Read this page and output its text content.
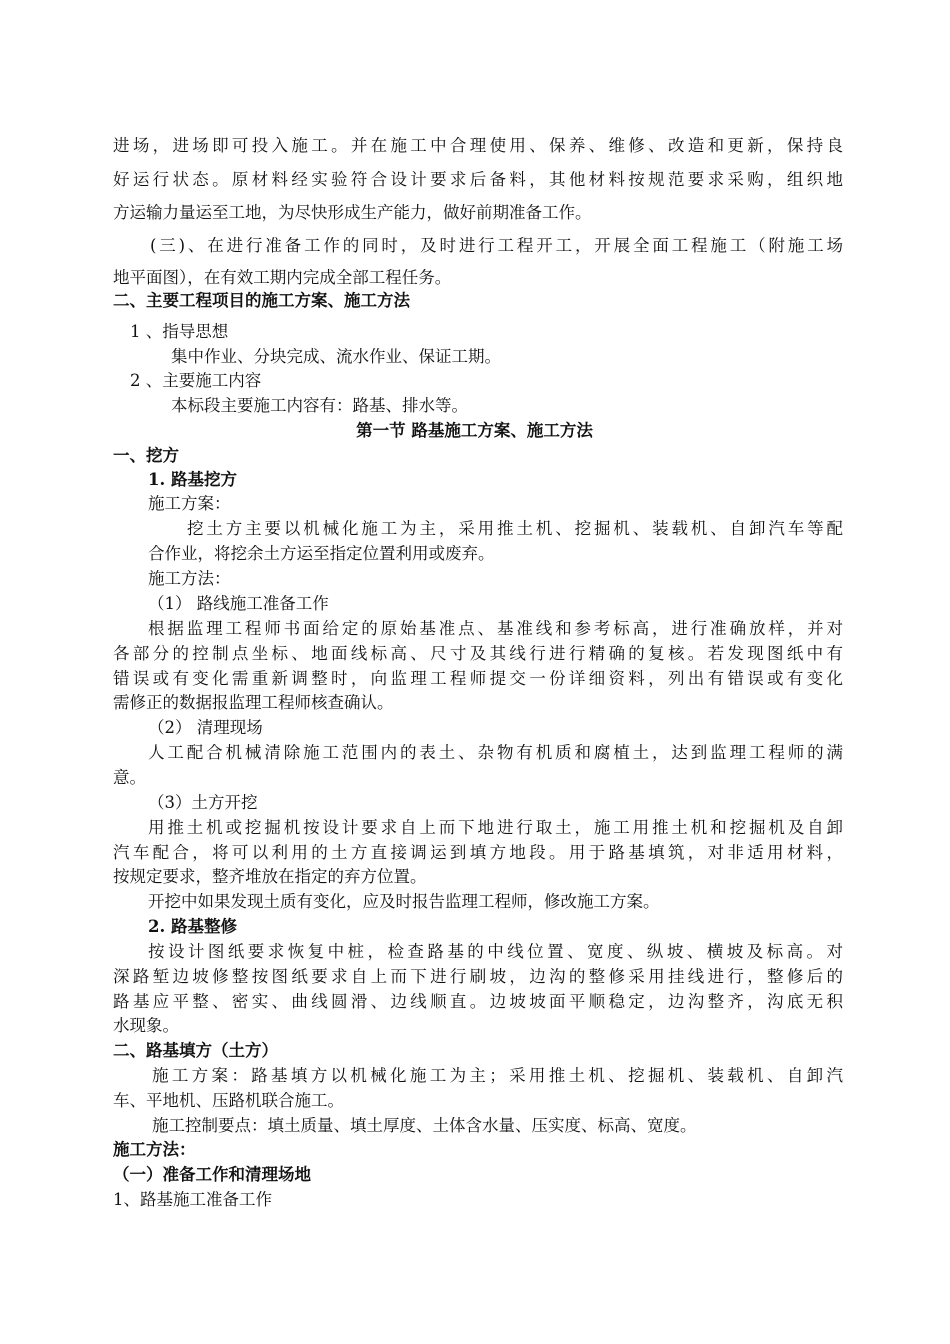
进场，进场即可投入施工。并在施工中合理使用、保养、维修、改造和更新，保持良
好运行状态。原材料经实验符合设计要求后备料，其他材料按规范要求采购，组织地
方运输力量运至工地，为尽快形成生产能力，做好前期准备工作。
(三)、在进行准备工作的同时，及时进行工程开工，开展全面工程施工（附施工场
地平面图），在有效工期内完成全部工程任务。
二、主要工程项目的施工方案、施工方法
1 、指导思想
集中作业、分块完成、流水作业、保证工期。
2 、主要施工内容
本标段主要施工内容有：路基、排水等。
第一节 路基施工方案、施工方法
一、挖方
1. 路基挖方
施工方案：
挖土方主要以机械化施工为主，采用推土机、挖掘机、装载机、自卸汽车等配
合作业，将挖余土方运至指定位置利用或废弃。
施工方法：
（1） 路线施工准备工作
根据监理工程师书面给定的原始基准点、基准线和参考标高，进行准确放样，并对
各部分的控制点坐标、地面线标高、尺寸及其线行进行精确的复核。若发现图纸中有
错误或有变化需重新调整时，向监理工程师提交一份详细资料，列出有错误或有变化
需修正的数据报监理工程师核查确认。
（2） 清理现场
人工配合机械清除施工范围内的表土、杂物有机质和腐植土，达到监理工程师的满
意。
（3）土方开挖
用推土机或挖掘机按设计要求自上而下地进行取土，施工用推土机和挖掘机及自卸
汽车配合，将可以利用的土方直接调运到填方地段。用于路基填筑，对非适用材料，
按规定要求，整齐堆放在指定的弃方位置。
开挖中如果发现土质有变化，应及时报告监理工程师，修改施工方案。
2. 路基整修
按设计图纸要求恢复中桩，检查路基的中线位置、宽度、纵坡、横坡及标高。对
深路堑边坡修整按图纸要求自上而下进行刷坡，边沟的整修采用挂线进行，整修后的
路基应平整、密实、曲线圆滑、边线顺直。边坡坡面平顺稳定，边沟整齐，沟底无积
水现象。
二、路基填方（土方）
施工方案：路基填方以机械化施工为主；采用推土机、挖掘机、装载机、自卸汽
车、平地机、压路机联合施工。
施工控制要点：填土质量、填土厚度、土体含水量、压实度、标高、宽度。
施工方法：
（一）准备工作和清理场地
1、路基施工准备工作
